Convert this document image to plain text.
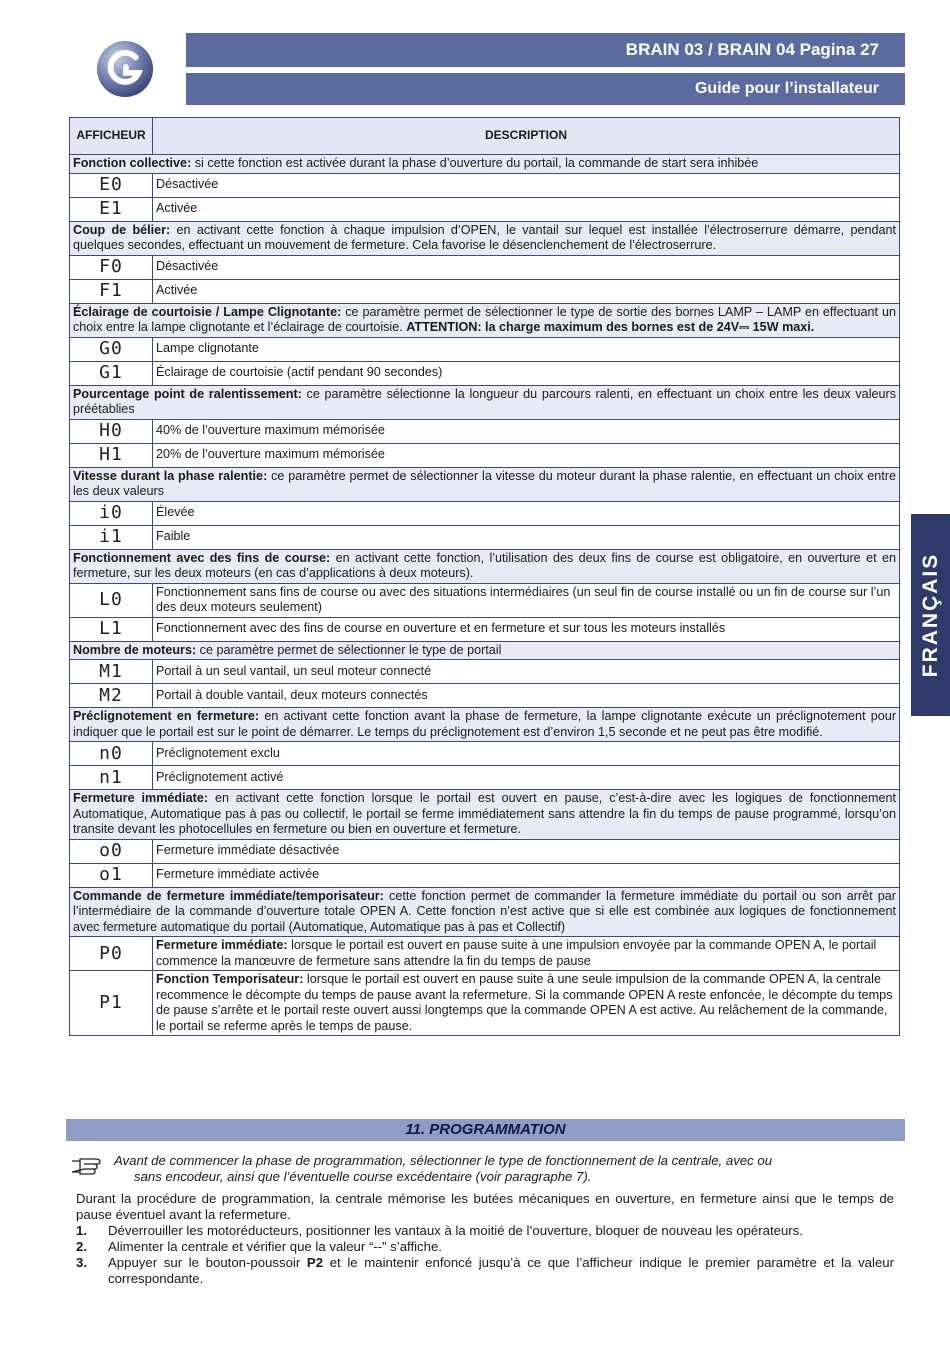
BRAIN 03 / BRAIN 04 Pagina 27
Guide pour l’installateur
AFFICHEUR	DESCRIPTION
Fonction collective: si cette fonction est activée durant la phase d’ouverture du portail, la commande de start sera inhibée	
E0	Désactivée
E1	Activée
Coup de bélier: en activant cette fonction à chaque impulsion d’OPEN, le vantail sur lequel est installée l’électroserrure démarre, pendant quelques secondes, effectuant un mouvement de fermeture. Cela favorise le désenclenchement de l’électroserrure.	
F0	Désactivée
F1	Activée
Éclairage de courtoisie / Lampe Clignotante: ce paramètre permet de sélectionner le type de sortie des bornes LAMP – LAMP en effectuant un choix entre la lampe clignotante et l’éclairage de courtoisie. ATTENTION: la charge maximum des bornes est de 24V⎓ 15W maxi.	
G0	Lampe clignotante
G1	Éclairage de courtoisie (actif pendant 90 secondes)
Pourcentage point de ralentissement: ce paramètre sélectionne la longueur du parcours ralenti, en effectuant un choix entre les deux valeurs préétablies	
H0	40% de l’ouverture maximum mémorisée
H1	20% de l’ouverture maximum mémorisée
Vitesse durant la phase ralentie: ce paramètre permet de sélectionner la vitesse du moteur durant la phase ralentie, en effectuant un choix entre les deux valeurs	
i0	Élevée
i1	Faible
Fonctionnement avec des fins de course: en activant cette fonction, l’utilisation des deux fins de course est obligatoire, en ouverture et en fermeture, sur les deux moteurs (en cas d’applications à deux moteurs).	
L0	Fonctionnement sans fins de course ou avec des situations intermédiaires (un seul fin de course installé ou un fin de course sur l’un des deux moteurs seulement)
L1	Fonctionnement avec des fins de course en ouverture et en fermeture et sur tous les moteurs installés
Nombre de moteurs: ce paramètre permet de sélectionner le type de portail	
M1	Portail à un seul vantail, un seul moteur connecté
M2	Portail à double vantail, deux moteurs connectés
Préclignotement en fermeture: en activant cette fonction avant la phase de fermeture, la lampe clignotante exécute un préclignotement pour indiquer que le portail est sur le point de démarrer. Le temps du préclignotement est d’environ 1,5 seconde et ne peut pas être modifié.	
n0	Préclignotement exclu
n1	Préclignotement activé
Fermeture immédiate: en activant cette fonction lorsque le portail est ouvert en pause, c’est-à-dire avec les logiques de fonctionnement Automatique, Automatique pas à pas ou collectif, le portail se ferme immédiatement sans attendre la fin du temps de pause programmé, lorsqu’on transite devant les photocellules en fermeture ou bien en ouverture et fermeture.	
o0	Fermeture immédiate désactivée
o1	Fermeture immédiate activée
Commande de fermeture immédiate/temporisateur: cette fonction permet de commander la fermeture immédiate du portail ou son arrêt par l’intermédiaire de la commande d’ouverture totale OPEN A. Cette fonction n’est active que si elle est combinée aux logiques de fonctionnement avec fermeture automatique du portail (Automatique, Automatique pas à pas et Collectif)	
P0	Fermeture immédiate: lorsque le portail est ouvert en pause suite à une impulsion envoyée par la commande OPEN A, le portail commence la manœuvre de fermeture sans attendre la fin du temps de pause
P1	Fonction Temporisateur: lorsque le portail est ouvert en pause suite à une seule impulsion de la commande OPEN A, la centrale recommence le décompte du temps de pause avant la refermeture. Si la commande OPEN A reste enfoncée, le décompte du temps de pause s’arrête et le portail reste ouvert aussi longtemps que la commande OPEN A est active. Au relâchement de la commande, le portail se referme après le temps de pause.
FRANÇAIS
11. PROGRAMMATION
Avant de commencer la phase de programmation, sélectionner le type de fonctionnement de la centrale, avec ou
sans encodeur, ainsi que l’éventuelle course excédentaire (voir paragraphe 7).
Durant la procédure de programmation, la centrale mémorise les butées mécaniques en ouverture, en fermeture ainsi que le temps de pause éventuel avant la refermeture.
1.	Déverrouiller les motoréducteurs, positionner les vantaux à la moitié de l’ouverture, bloquer de nouveau les opérateurs.
2.	Alimenter la centrale et vérifier que la valeur “--” s’affiche.
3.	Appuyer sur le bouton-poussoir P2 et le maintenir enfoncé jusqu’à ce que l’afficheur indique le premier paramètre et la valeur correspondante.
